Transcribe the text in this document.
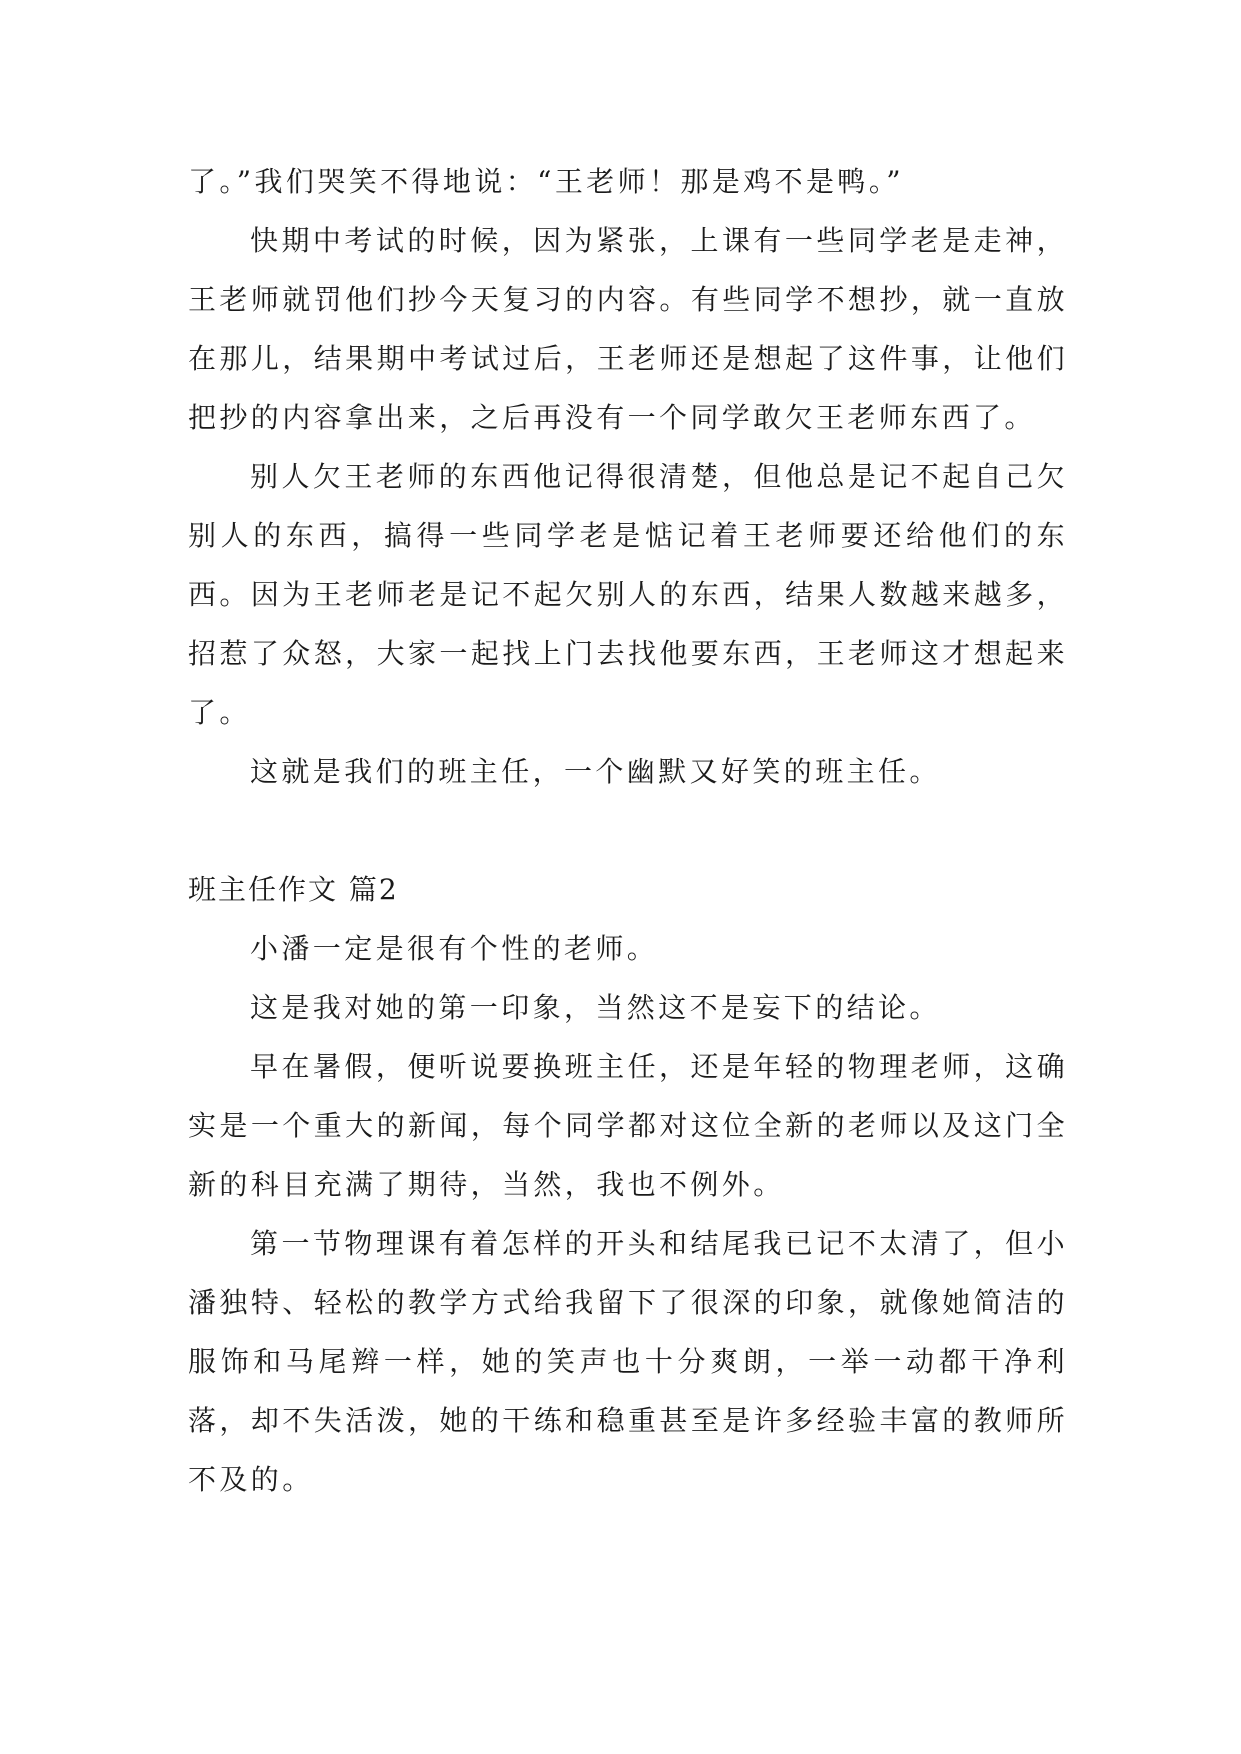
了。”我们哭笑不得地说：“王老师！那是鸡不是鸭。”

快期中考试的时候，因为紧张，上课有一些同学老是走神，王老师就罚他们抄今天复习的内容。有些同学不想抄，就一直放在那儿，结果期中考试过后，王老师还是想起了这件事，让他们把抄的内容拿出来，之后再没有一个同学敢欠王老师东西了。

别人欠王老师的东西他记得很清楚，但他总是记不起自己欠别人的东西，搞得一些同学老是惦记着王老师要还给他们的东西。因为王老师老是记不起欠别人的东西，结果人数越来越多，招惹了众怒，大家一起找上门去找他要东西，王老师这才想起来了。

这就是我们的班主任，一个幽默又好笑的班主任。

班主任作文 篇2

小潘一定是很有个性的老师。

这是我对她的第一印象，当然这不是妄下的结论。

早在暑假，便听说要换班主任，还是年轻的物理老师，这确实是一个重大的新闻，每个同学都对这位全新的老师以及这门全新的科目充满了期待，当然，我也不例外。

第一节物理课有着怎样的开头和结尾我已记不太清了，但小潘独特、轻松的教学方式给我留下了很深的印象，就像她简洁的服饰和马尾辫一样，她的笑声也十分爽朗，一举一动都干净利落，却不失活泼，她的干练和稳重甚至是许多经验丰富的教师所不及的。
